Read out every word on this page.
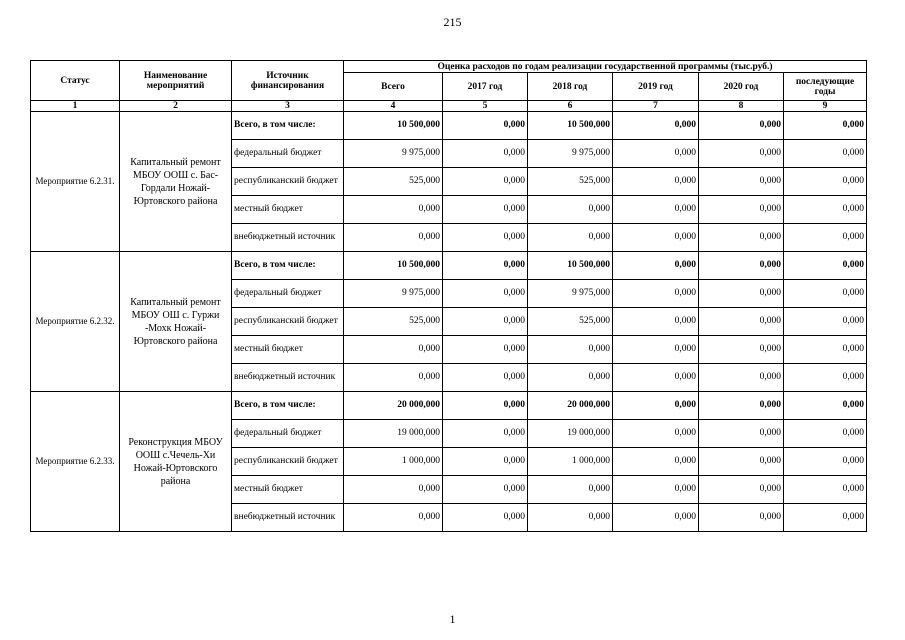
215
Статус	Наименование мероприятий	Источник финансирования	Оценка расходов по годам реализации государственной программы (тыс.руб.)					
			Всего	2017 год	2018 год	2019 год	2020 год	последующие годы
1	2	3	4	5	6	7	8	9
Мероприятие 6.2.31.	Капитальный ремонт МБОУ ООШ с. Бас-Гордали Ножай-Юртовского района	Всего, в том числе:	10 500,000	0,000	10 500,000	0,000	0,000	0,000
		федеральный бюджет	9 975,000	0,000	9 975,000	0,000	0,000	0,000
		республиканский бюджет	525,000	0,000	525,000	0,000	0,000	0,000
		местный бюджет	0,000	0,000	0,000	0,000	0,000	0,000
		внебюджетный источник	0,000	0,000	0,000	0,000	0,000	0,000
Мероприятие 6.2.32.	Капитальный ремонт МБОУ ОШ с. Гуржи -Мохк Ножай-Юртовского района	Всего, в том числе:	10 500,000	0,000	10 500,000	0,000	0,000	0,000
		федеральный бюджет	9 975,000	0,000	9 975,000	0,000	0,000	0,000
		республиканский бюджет	525,000	0,000	525,000	0,000	0,000	0,000
		местный бюджет	0,000	0,000	0,000	0,000	0,000	0,000
		внебюджетный источник	0,000	0,000	0,000	0,000	0,000	0,000
Мероприятие 6.2.33.	Реконструкция МБОУ ООШ с.Чечель-Хи Ножай-Юртовского района	Всего, в том числе:	20 000,000	0,000	20 000,000	0,000	0,000	0,000
		федеральный бюджет	19 000,000	0,000	19 000,000	0,000	0,000	0,000
		республиканский бюджет	1 000,000	0,000	1 000,000	0,000	0,000	0,000
		местный бюджет	0,000	0,000	0,000	0,000	0,000	0,000
		внебюджетный источник	0,000	0,000	0,000	0,000	0,000	0,000
1
